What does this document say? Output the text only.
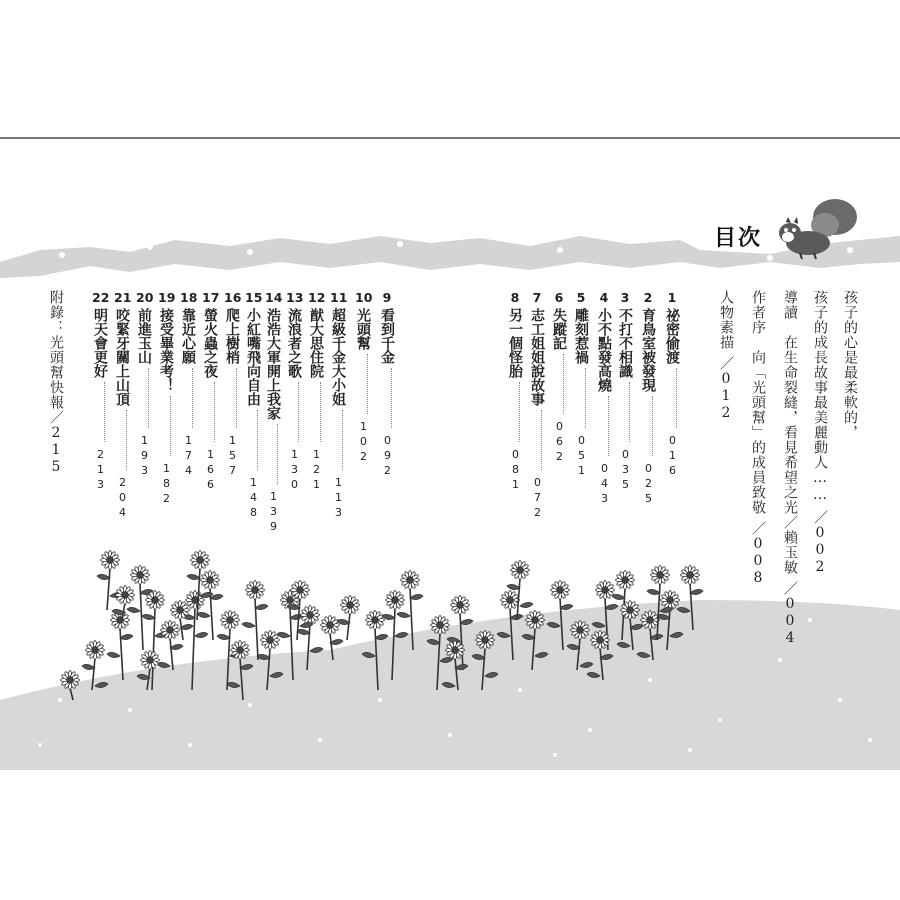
目次
孩子的心是最柔軟的，
孩子的成長故事最美麗動人……／002
導讀　在生命裂縫，看見希望之光／賴玉敏／004
作者序　向「光頭幫」的成員致敬／008
人物素描／012
1祕密偷渡016
2育鳥室被發現025
3不打不相識035
4小不點發高燒043
5雕刻惹禍051
6失蹤記062
7志工姐姐說故事072
8另一個怪胎081
9看到千金092
10光頭幫102
11超級千金大小姐113
12猷大思住院121
13流浪者之歌130
14浩浩大軍開上我家139
15小紅嘴飛向自由148
16爬上樹梢157
17螢火蟲之夜166
18靠近心願174
19接受畢業考！182
20前進玉山193
21咬緊牙關上山頂204
22明天會更好213
附錄：光頭幫快報／215
